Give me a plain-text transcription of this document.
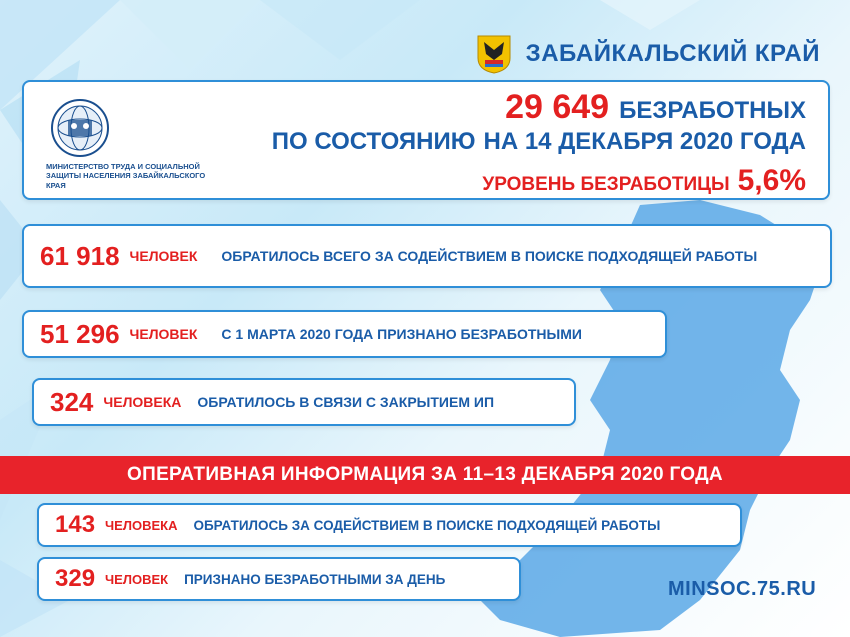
ЗАБАЙКАЛЬСКИЙ КРАЙ
МИНИСТЕРСТВО ТРУДА И СОЦИАЛЬНОЙ ЗАЩИТЫ НАСЕЛЕНИЯ ЗАБАЙКАЛЬСКОГО КРАЯ
29 649 БЕЗРАБОТНЫХ
ПО СОСТОЯНИЮ НА 14 ДЕКАБРЯ 2020 ГОДА
УРОВЕНЬ БЕЗРАБОТИЦЫ 5,6%
61 918 ЧЕЛОВЕК ОБРАТИЛОСЬ ВСЕГО ЗА СОДЕЙСТВИЕМ В ПОИСКЕ ПОДХОДЯЩЕЙ РАБОТЫ
51 296 ЧЕЛОВЕК С 1 МАРТА 2020 ГОДА ПРИЗНАНО БЕЗРАБОТНЫМИ
324 ЧЕЛОВЕКА ОБРАТИЛОСЬ В СВЯЗИ С ЗАКРЫТИЕМ ИП
ОПЕРАТИВНАЯ ИНФОРМАЦИЯ ЗА 11–13 ДЕКАБРЯ 2020 ГОДА
143 ЧЕЛОВЕКА ОБРАТИЛОСЬ ЗА СОДЕЙСТВИЕМ В ПОИСКЕ ПОДХОДЯЩЕЙ РАБОТЫ
329 ЧЕЛОВЕК ПРИЗНАНО БЕЗРАБОТНЫМИ ЗА ДЕНЬ	MINSOC.75.RU
